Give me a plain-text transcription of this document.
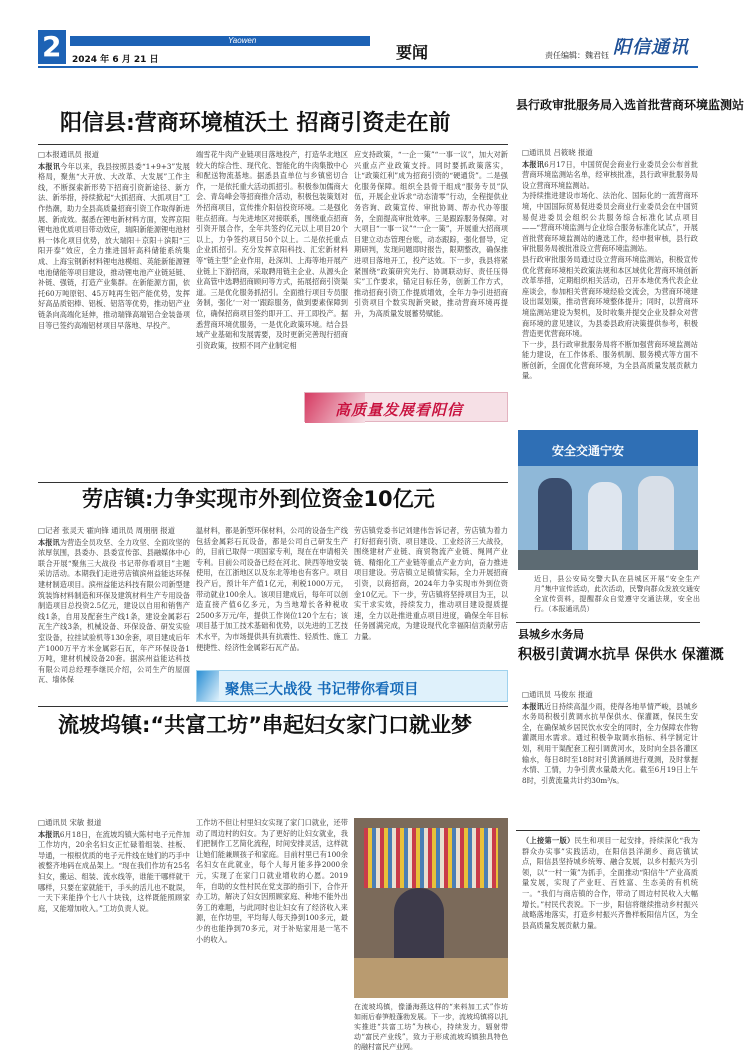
2	Yaowen
2024 年 6 月 21 日	要闻	责任编辑：魏君钰 阳信通讯
阳信县:营商环境植沃土 招商引资走在前
□本报通讯员 报道
本报讯今年以来，我县按照县委“1+9+3”发展格局，聚焦“大开放、大改革、大发展”工作主线，不断探索新形势下招商引资新途径、新方法、新举措，持续掀起“大抓招商、大抓项目”工作热潮，助力全县高质量招商引资工作取得新进展、新成效。据悉在锂电新材料方面，发挥京阳锂电池优质项目带动效应，瑞阳新能源锂电池材料一体化项目优势，放大瑞阳＋京阳＋滨阳“三阳开泰”效应，全力推进国轩高科储能系统集成、上海宝钢新材料锂电池模组、英能新能源锂电池储能等项目建设，推动锂电池产业链延链、补链、强链，打造产业集群。在新能源方面，依托60万吨原铝、45万吨再生铝产能优势，发挥好高品质铝棒、铝板、铝箔等优势，推动铝产业链条向高端化延伸，推动瑞锋高端铝合金装备项目等已签约高端铝材项目早落地、早投产。
端雪花牛肉产业链项目落地投产，打造华北地区较大的综合性、现代化、智能化的牛肉集散中心和配送物流基地。据悉县直单位与乡镇密切合作，一是依托重大活动抓招引。积极参加儒商大会、青岛峰会等招商推介活动，积极包装策划对外招商项目，宣传推介阳信投资环境。二是强化驻点招商。与先进地区对接联系，围绕重点招商引资开展合作，全年共签约亿元以上项目20个以上，力争签约项目50个以上。二是依托重点企业抓招引。充分发挥京阳科技、汇宏新材料等“链主型”企业作用，赴深圳、上海等地开展产业链上下游招商，采取聘用链主企业、从源头企业高管中选聘招商顾问等方式，拓展招商引资渠道。三是优化服务抓招引。全面推行项目专员服务制，强化‘一对一’跟踪服务，做到要素保障到位，确保招商项目签约即开工、开工即投产。据悉营商环境优服务，一是优化政策环境。结合县域产业基础和发展需要，及时更新完善现行招商引资政策，按照不同产业制定相
应支持政策，“一企一策”“一事一议”，加大对新兴重点产业政策支持。同时要抓政策落实，让“政策红利”成为招商引资的“硬通货”。二是强化服务保障。组织全县骨干组成“服务专员”队伍，开展企业诉求“动态清零”行动，全程提供业务咨询、政策宣传、审批协调、帮办代办等服务，全面提高审批效率。三是跟踪服务保障。对大项目“一事一议”“一企一策”，开展重大招商项目建立动态管理台账，动态跟踪，强化督导，定期研判，发现问题即时报告，限期整改，确保推进项目落地开工，投产达效。下一步，我县将紧紧围绕“政策研究先行、协调联动好、责任压得实”工作要求，锚定目标任务，创新工作方式，推动招商引资工作提质增效，全年力争引进招商引资项目个数实现新突破，推动营商环境再提升，为高质量发展蓄势赋能。
高质量发展看阳信
劳店镇:力争实现市外到位资金10亿元
□记者 张灵天 霍向锋 通讯员 周朋朋 报道
本报讯为营造全员攻坚、全力攻坚、全面攻坚的浓厚氛围，县委办、县委宣传部、县融媒体中心联合开展“聚焦三大战役 书记带你看项目”主题采访活动。本期我们走进劳店镇滨州益能达环保建材制造项目。滨州益能达科技有限公司新型建筑装饰材料制造和环保及建筑材料生产专用设备制造项目总投资2.5亿元，建设以自用和销售产线1条，自用及配套生产线1条，建设金属彩石瓦生产线3条，机械设备、环保设备、研发实验室设备，拉挂试验机等130余套，项目建成后年产1000万平方米金属彩石瓦，年产环保设备1万吨，建材机械设备20套。据滨州益能达科技有限公司总经理李继民介绍，公司生产的屋面瓦、墙体保
温材料，都是新型环保材料，公司的设备生产线包括金属彩石瓦设备，都是公司自己研发生产的，目前已取得一项国家专利，现在在申请相关专利。目前公司设备已经在河北、陕西等地安装使用，在江浙地区以及东北等地也有客户。项目投产后，预计年产值1亿元，利税1000万元，带动就业100余人。该项目建成后，每年可以创造直接产值6亿多元，为当地增长各种税收2500多万元/年，提供工作岗位120个左右；该项目基于加工技术基础和优势，以先进的工艺技术水平，为市场提供具有抗震性、轻质性、施工便捷性、经济性金属彩石瓦产品。
劳店镇党委书记刘建伟告诉记者，劳店镇为着力打好招商引资、项目建设、工业经济三大战役，围绕建材产业链、商贸物流产业链、绳网产业链、精细化工产业链等重点产业方向，奋力推进项目建设。劳店镇立足镇情实际，全力开展招商引资，以商招商，2024年力争实现市外到位资金10亿元。下一步，劳店镇将坚持项目为王，以实干求实效，持续发力，推动项目建设提质提速，全力以赴推进重点项目进度，确保全年目标任务圆满完成，为建设现代化幸福阳信贡献劳店力量。
聚焦三大战役 书记带你看项目
流坡坞镇:“共富工坊”串起妇女家门口就业梦
□通讯员 宋敏 报道
本报讯6月18日，在流坡坞镇大陈村电子元件加工作坊内，20余名妇女正忙碌着组装、挂板、导通，一根根优质的电子元件线在她们的巧手中被整齐地码在成品架上。“现在我们作坊有25名妇女，搬运、组装、流水线等，谁能干哪样就干哪样，只要在家就能干，手头的活儿也不耽误，一天下来能挣个七八十块钱，这样既能照顾家庭，又能增加收入。”工坊负责人说。
工作坊不但让村里妇女实现了家门口就业，还带动了周边村的妇女。为了更好的让妇女就业，我们把制作工艺简化流程，时间安排灵活，这样就让她们能兼顾孩子和家庭。目前村里已有100余名妇女在此就业，每个人每月能多挣2000余元，实现了在家门口就业增收的心愿。2019年，自助的女性村民在党支部的指引下，合作开办工坊，解决了妇女因照顾家庭、种地不能外出务工的难题，与此同时也让妇女有了经济收入来源，在作坊里，平均每人每天挣到100多元，最少的也能挣到70多元，对于补贴家用是一笔不小的收入。
在流坡坞镇，像潘海燕这样的“来料加工式”作坊如雨后春笋般蓬勃发展。下一步，流坡坞镇将以扎实推进“共富工坊”为核心，持续发力，辐射带动“富民产业线”，致力于形成流坡坞镇独具特色的融村富民产业网。
县行政审批服务局入选首批营商环境监测站
□通讯员 吕筱晓 报道

本报讯6月17日，中国贸促会商业行业委员会公布首批营商环境监测站名单，经审核批准，县行政审批服务局设立营商环境监测站。

为持续推进建设市场化、法治化、国际化的一流营商环境，中国国际贸易促进委员会商业行业委员会在中国贸易促进委员会组织公共服务综合标准化试点项目——“营商环境监测与企业综合服务标准化试点”，开展首批营商环境监测站的遴选工作，经申报审核，县行政审批服务局被批准设立营商环境监测站。

县行政审批服务局通过设立营商环境监测站，积极宣传优化营商环境相关政策法规和本区域优化营商环境创新改革举措，定期组织相关活动，召开本地优秀代表企业座谈会，参加相关营商环境经验交流会，为营商环境建设出谋划策，推动营商环境整体提升；同时，以营商环境监测站建设为契机，及时收集并提交企业及群众对营商环境的意见建议，为县委县政府决策提供参考，积极营造更优营商环境。

下一步，县行政审批服务局将不断加强营商环境监测站能力建设，在工作体系、服务机制、服务模式等方面不断创新，全面优化营商环境，为全县高质量发展贡献力量。

安全交通宁安
近日，县公安局交警大队在县城区开展“安全生产月”集中宣传活动，此次活动，民警向群众发放交通安全宣传资料，提醒群众自觉遵守交通法规，安全出行。（本报通讯员）
县城乡水务局
积极引黄调水抗旱 保供水 保灌溉
□通讯员 马俊东 报道
本报讯近日持续高温少雨，使得各地旱情严峻，县城乡水务局积极引黄调水抗旱保供水、保灌溉，保民生安全，在确保城乡居民饮水安全的同时，全力保障农作物灌溉用水需求。通过积极争取调水指标、科学制定计划，利用干渠配套工程引调黄河水，及时向全县各灌区输水，每日8时至18时对引黄涵闸进行观测，及时掌握水情、工情，力争引黄水量最大化。截至6月19日上午8时，引黄流量共计约30m³/s。
（上接第一版）民生和项目一起安排，持续深化“我为群众办实事”实践活动，在阳信县洋湖乡、商店镇试点，阳信县坚持城乡统筹、融合发展，以乡村振兴为引领，以“一村一策”为抓手，全面推动“阳信牛”产业高质量发展，实现了产业旺、百姓富、生态美的有机统一。“我们与商店镇的合作，带动了周边村民收入大幅增长。”村民代表说。下一步，阳信将继续推动乡村振兴战略落地落实，打造乡村振兴齐鲁样板阳信片区，为全县高质量发展贡献力量。
